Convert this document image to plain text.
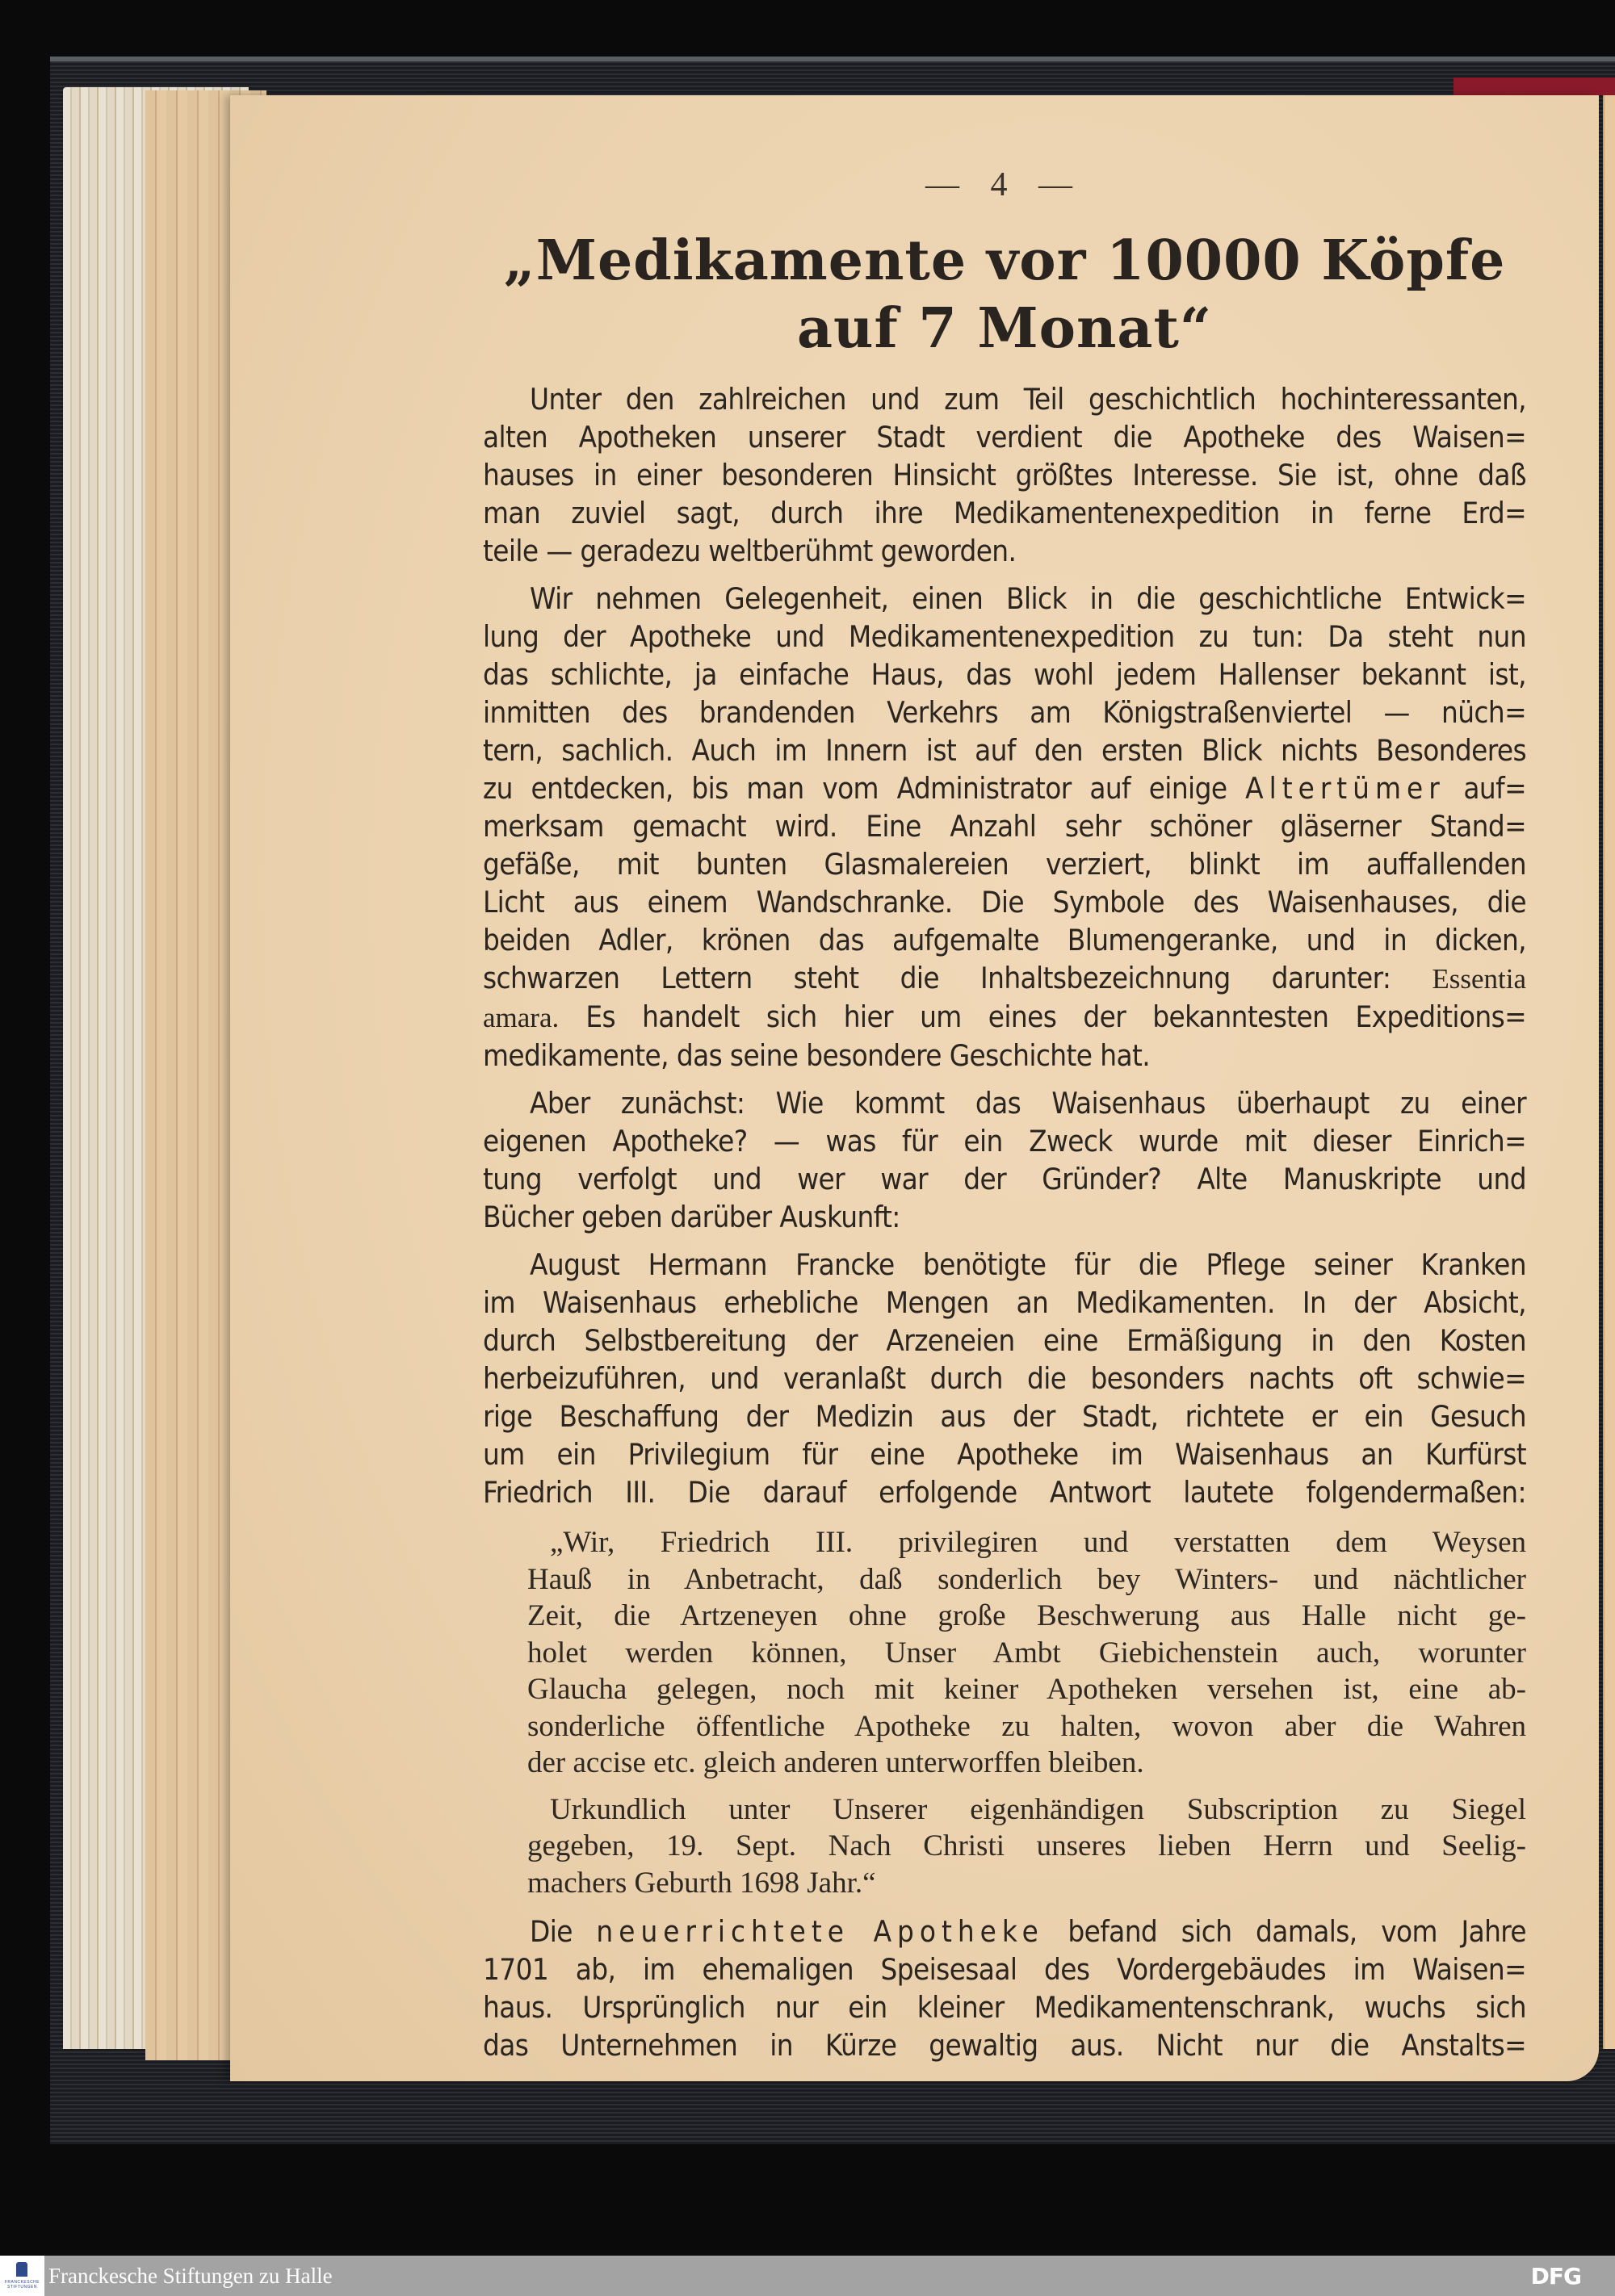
— 4 —
„Medikamente vor 10000 Köpfe
auf 7 Monat“
Unter den zahlreichen und zum Teil geschichtlich hochinteressanten,
alten Apotheken unserer Stadt verdient die Apotheke des Waisen=
hauses in einer besonderen Hinsicht größtes Interesse. Sie ist, ohne daß
man zuviel sagt, durch ihre Medikamentenexpedition in ferne Erd=
teile — geradezu weltberühmt geworden.
Wir nehmen Gelegenheit, einen Blick in die geschichtliche Entwick=
lung der Apotheke und Medikamentenexpedition zu tun: Da steht nun
das schlichte, ja einfache Haus, das wohl jedem Hallenser bekannt ist,
inmitten des brandenden Verkehrs am Königstraßenviertel — nüch=
tern, sachlich. Auch im Innern ist auf den ersten Blick nichts Besonderes
zu entdecken, bis man vom Administrator auf einige Altertümer auf=
merksam gemacht wird. Eine Anzahl sehr schöner gläserner Stand=
gefäße, mit bunten Glasmalereien verziert, blinkt im auffallenden
Licht aus einem Wandschranke. Die Symbole des Waisenhauses, die
beiden Adler, krönen das aufgemalte Blumengeranke, und in dicken,
schwarzen Lettern steht die Inhaltsbezeichnung darunter: Essentia
amara. Es handelt sich hier um eines der bekanntesten Expeditions=
medikamente, das seine besondere Geschichte hat.
Aber zunächst: Wie kommt das Waisenhaus überhaupt zu einer
eigenen Apotheke? — was für ein Zweck wurde mit dieser Einrich=
tung verfolgt und wer war der Gründer? Alte Manuskripte und
Bücher geben darüber Auskunft:
August Hermann Francke benötigte für die Pflege seiner Kranken
im Waisenhaus erhebliche Mengen an Medikamenten. In der Absicht,
durch Selbstbereitung der Arzeneien eine Ermäßigung in den Kosten
herbeizuführen, und veranlaßt durch die besonders nachts oft schwie=
rige Beschaffung der Medizin aus der Stadt, richtete er ein Gesuch
um ein Privilegium für eine Apotheke im Waisenhaus an Kurfürst
Friedrich III. Die darauf erfolgende Antwort lautete folgendermaßen:
„Wir, Friedrich III. privilegiren und verstatten dem Weysen
Hauß in Anbetracht, daß sonderlich bey Winters- und nächtlicher
Zeit, die Artzeneyen ohne große Beschwerung aus Halle nicht ge-
holet werden können, Unser Ambt Giebichenstein auch, worunter
Glaucha gelegen, noch mit keiner Apotheken versehen ist, eine ab-
sonderliche öffentliche Apotheke zu halten, wovon aber die Wahren
der accise etc. gleich anderen unterworffen bleiben.
Urkundlich unter Unserer eigenhändigen Subscription zu Siegel
gegeben, 19. Sept. Nach Christi unseres lieben Herrn und Seelig-
machers Geburth 1698 Jahr.“
Die neuerrichtete Apotheke befand sich damals, vom Jahre
1701 ab, im ehemaligen Speisesaal des Vordergebäudes im Waisen=
haus. Ursprünglich nur ein kleiner Medikamentenschrank, wuchs sich
das Unternehmen in Kürze gewaltig aus. Nicht nur die Anstalts=
FRANCKESCHE STIFTUNGEN Franckesche Stiftungen zu Halle	DFG
